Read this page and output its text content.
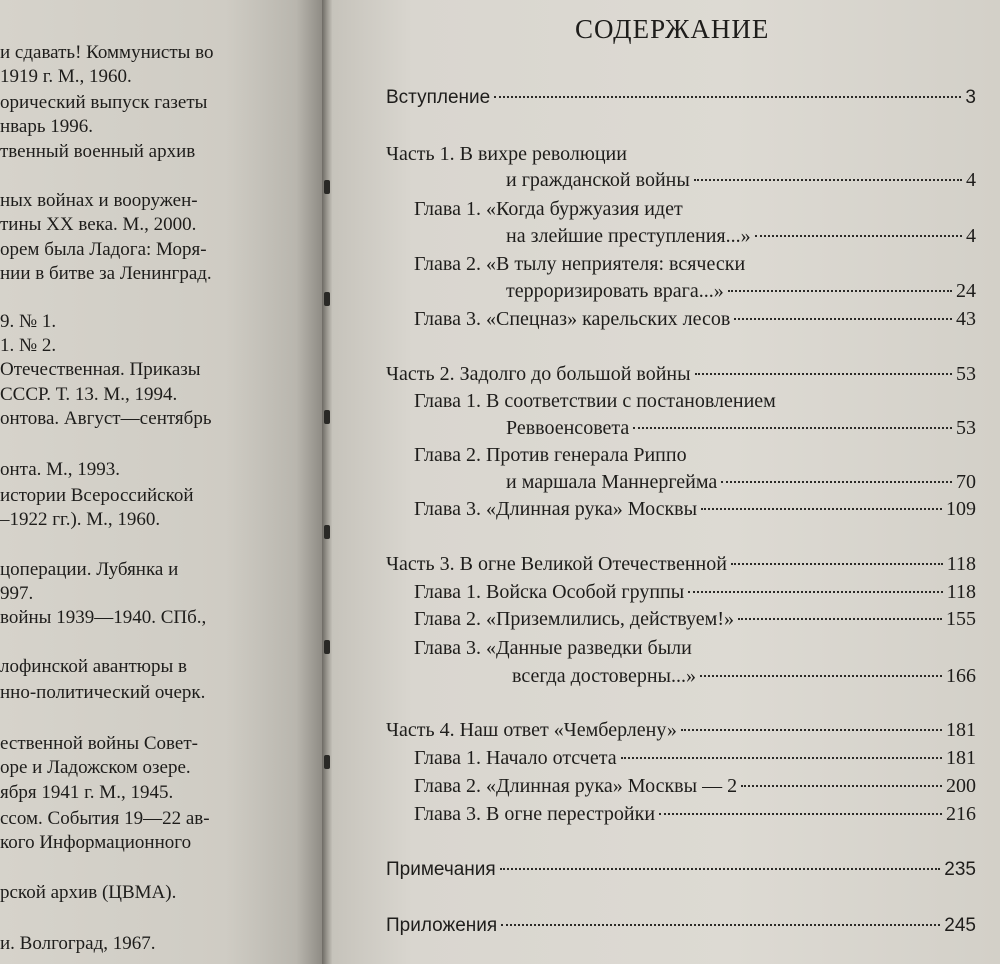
и сдавать! Коммунисты во
1919 г. М., 1960.
орический выпуск газеты
нварь 1996.
твенный военный архив
ных войнах и вооружен-
тины XX века. М., 2000.
орем была Ладога: Моря-
нии в битве за Ленинград.
9. № 1.
1. № 2.
Отечественная. Приказы
СССР. Т. 13. М., 1994.
онтова. Август—сентябрь
онта. М., 1993.
истории Всероссийской
–1922 гг.). М., 1960.
цоперации. Лубянка и
997.
войны 1939—1940. СПб.,
лофинской авантюры в
нно-политический очерк.
ественной войны Совет-
оре и Ладожском озере.
ября 1941 г. М., 1945.
ссом. События 19—22 ав-
кого Информационного
рской архив (ЦВМА).
и. Волгоград, 1967.
СОДЕРЖАНИЕ
Вступление	3
Часть 1. В вихре революции
и гражданской войны	4
Глава 1. «Когда буржуазия идет
на злейшие преступления...»	4
Глава 2. «В тылу неприятеля: всячески
терроризировать врага...»	24
Глава 3. «Спецназ» карельских лесов	43
Часть 2. Задолго до большой войны	53
Глава 1. В соответствии с постановлением
Реввоенсовета	53
Глава 2. Против генерала Риппо
и маршала Маннергейма	70
Глава 3. «Длинная рука» Москвы	109
Часть 3. В огне Великой Отечественной	118
Глава 1. Войска Особой группы	118
Глава 2. «Приземлились, действуем!»	155
Глава 3. «Данные разведки были
всегда достоверны...»	166
Часть 4. Наш ответ «Чемберлену»	181
Глава 1. Начало отсчета	181
Глава 2. «Длинная рука» Москвы — 2	200
Глава 3. В огне перестройки	216
Примечания	235
Приложения	245
